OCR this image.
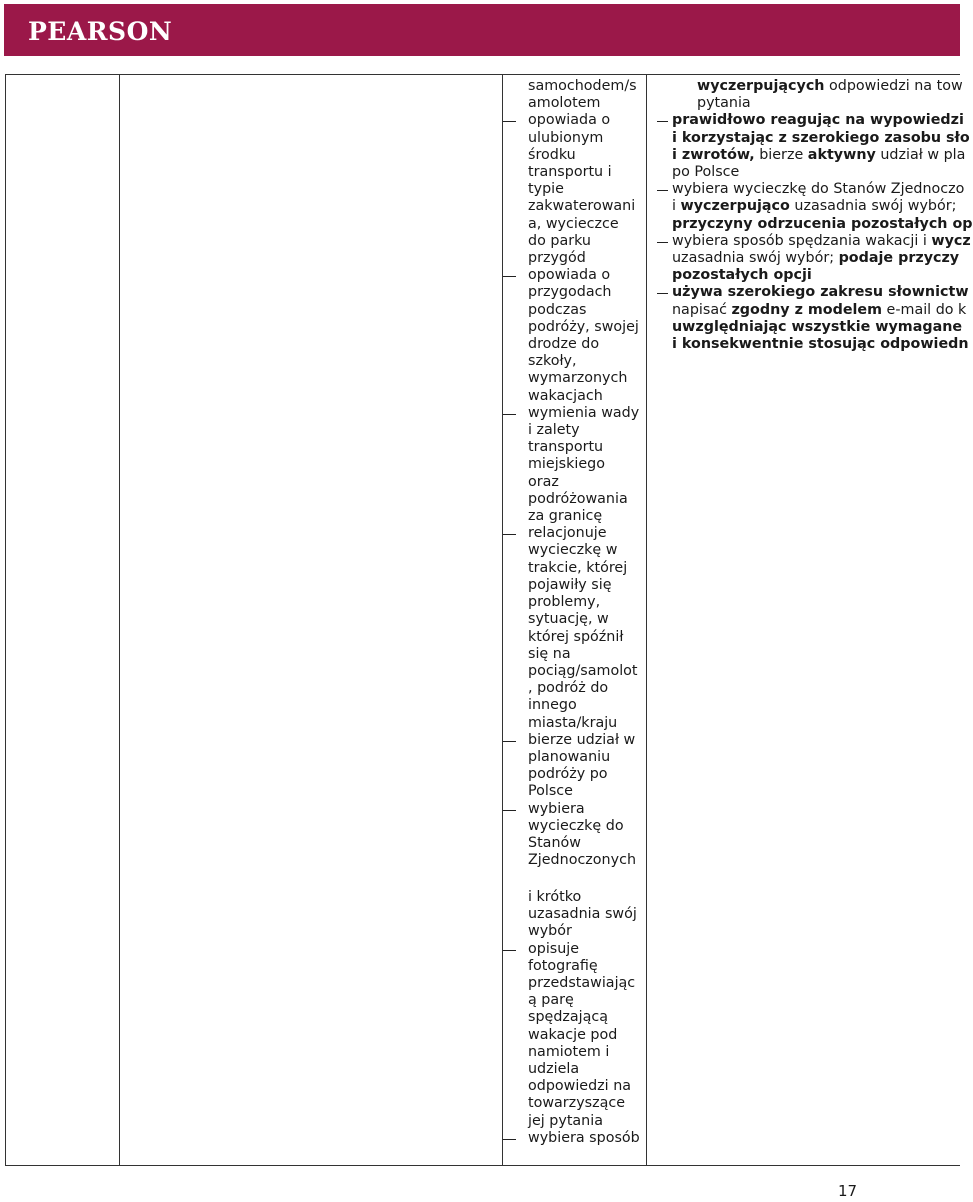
PEARSON
samochodem/s amolotem
opowiada o ulubionym środku transportu i typie zakwaterowani a, wycieczce do parku przygód
opowiada o przygodach podczas podróży, swojej drodze do szkoły, wymarzonych wakacjach
wymienia wady i zalety transportu miejskiego oraz podróżowania za granicę
relacjonuje wycieczkę w trakcie, której pojawiły się problemy, sytuację, w której spóźnił się na pociąg/samolot , podróż do innego miasta/kraju
bierze udział w planowaniu podróży po Polsce
wybiera wycieczkę do Stanów Zjednoczonych
i krótko uzasadnia swój wybór
opisuje fotografię przedstawiając ą parę spędzającą wakacje pod namiotem i udziela odpowiedzi na towarzyszące jej pytania
wybiera sposób
wyczerpujących odpowiedzi na tow
pytania
prawidłowo reagując na wypowiedzi
i korzystając z szerokiego zasobu sło
i zwrotów, bierze aktywny udział w pla
po Polsce
wybiera wycieczkę do Stanów Zjednoczo
i wyczerpująco uzasadnia swój wybór;
przyczyny odrzucenia pozostałych op
wybiera sposób spędzania wakacji i wycz
uzasadnia swój wybór; podaje przyczy
pozostałych opcji
używa szerokiego zakresu słownictw
napisać zgodny z modelem e-mail do k
uwzględniając wszystkie wymagane
i konsekwentnie stosując odpowiedn
17
